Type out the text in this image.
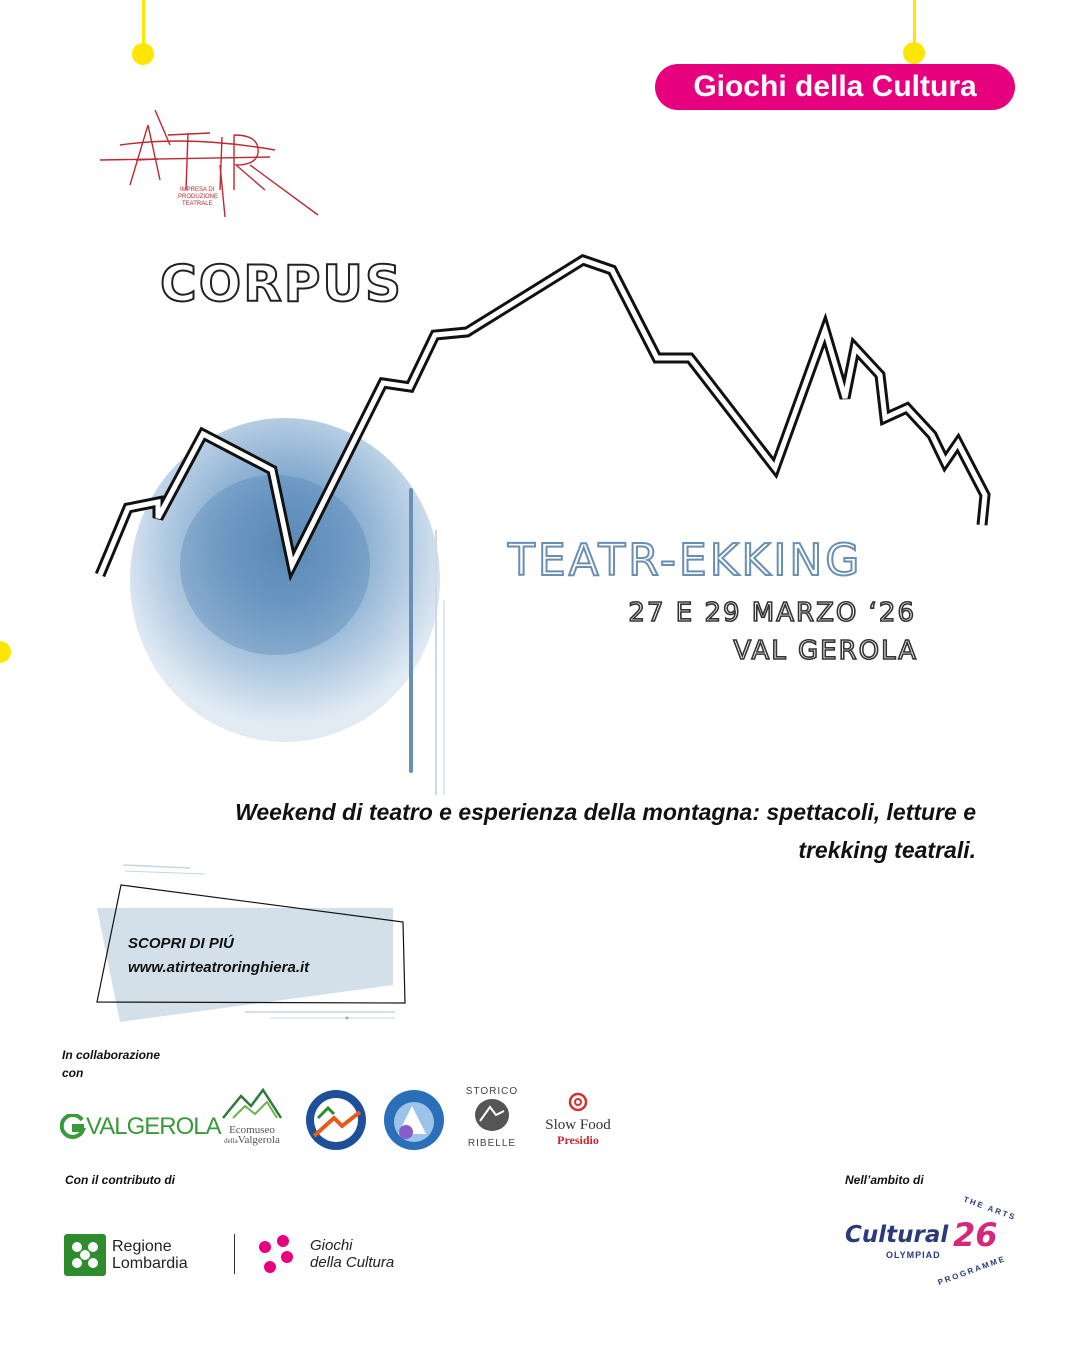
Giochi della Cultura
IMPRESA DI
PRODUZIONE
TEATRALE
CORPUS
TEATR-EKKING
27 E 29 MARZO ‘26
VAL GEROLA
Weekend di teatro e esperienza della montagna: spettacoli, letture e
trekking teatrali.
SCOPRI DI PIÚ
www.atirteatroringhiera.it
In collaborazione
con
VALGEROLA Ecomuseo
dellaValgerola
STORICO
RIBELLE
Slow Food
Presidio
Con il contributo di	Nell’ambito di
Regione
Lombardia
Giochi
della Cultura
Cultural 26
OLYMPIAD
THE ARTS
PROGRAMME
